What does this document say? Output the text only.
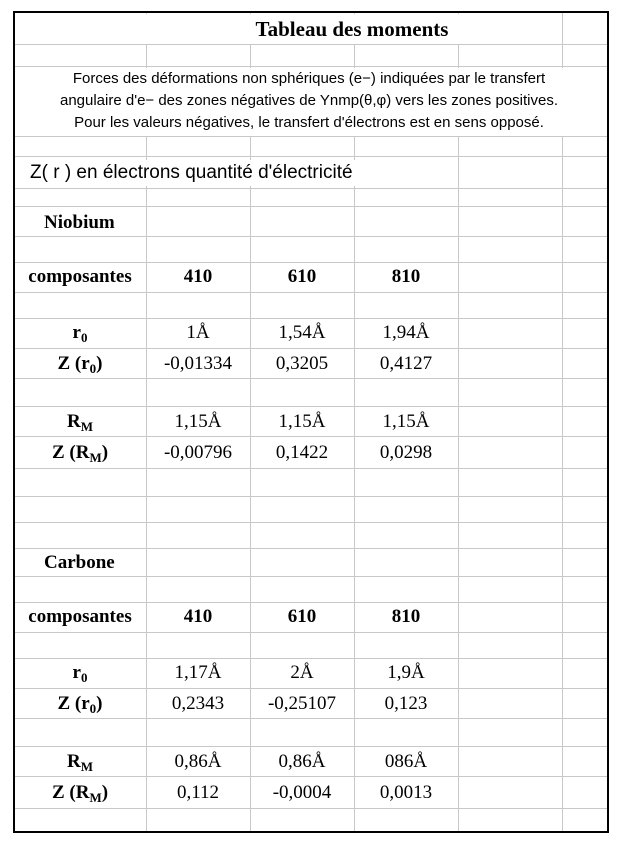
Tableau des moments
Forces des déformations non sphériques (e−) indiquées par le transfert
angulaire d'e− des zones négatives de Ynmp(θ,φ) vers les zones positives.
Pour les valeurs négatives, le transfert d'électrons est en sens opposé.
Z( r ) en électrons quantité d'électricité
Niobium
composantes	410	610	810
$r_0$	1Å	1,54Å	1,94Å
Z $(r_0)$	-0,01334	0,3205	0,4127
$R_M$	1,15Å	1,15Å	1,15Å
Z $(R_M)$	-0,00796	0,1422	0,0298
Carbone
composantes	410	610	810
$r_0$	1,17Å	2Å	1,9Å
Z $(r_0)$	0,2343	-0,25107	0,123
$R_M$	0,86Å	0,86Å	086Å
Z $(R_M)$	0,112	-0,0004	0,0013
